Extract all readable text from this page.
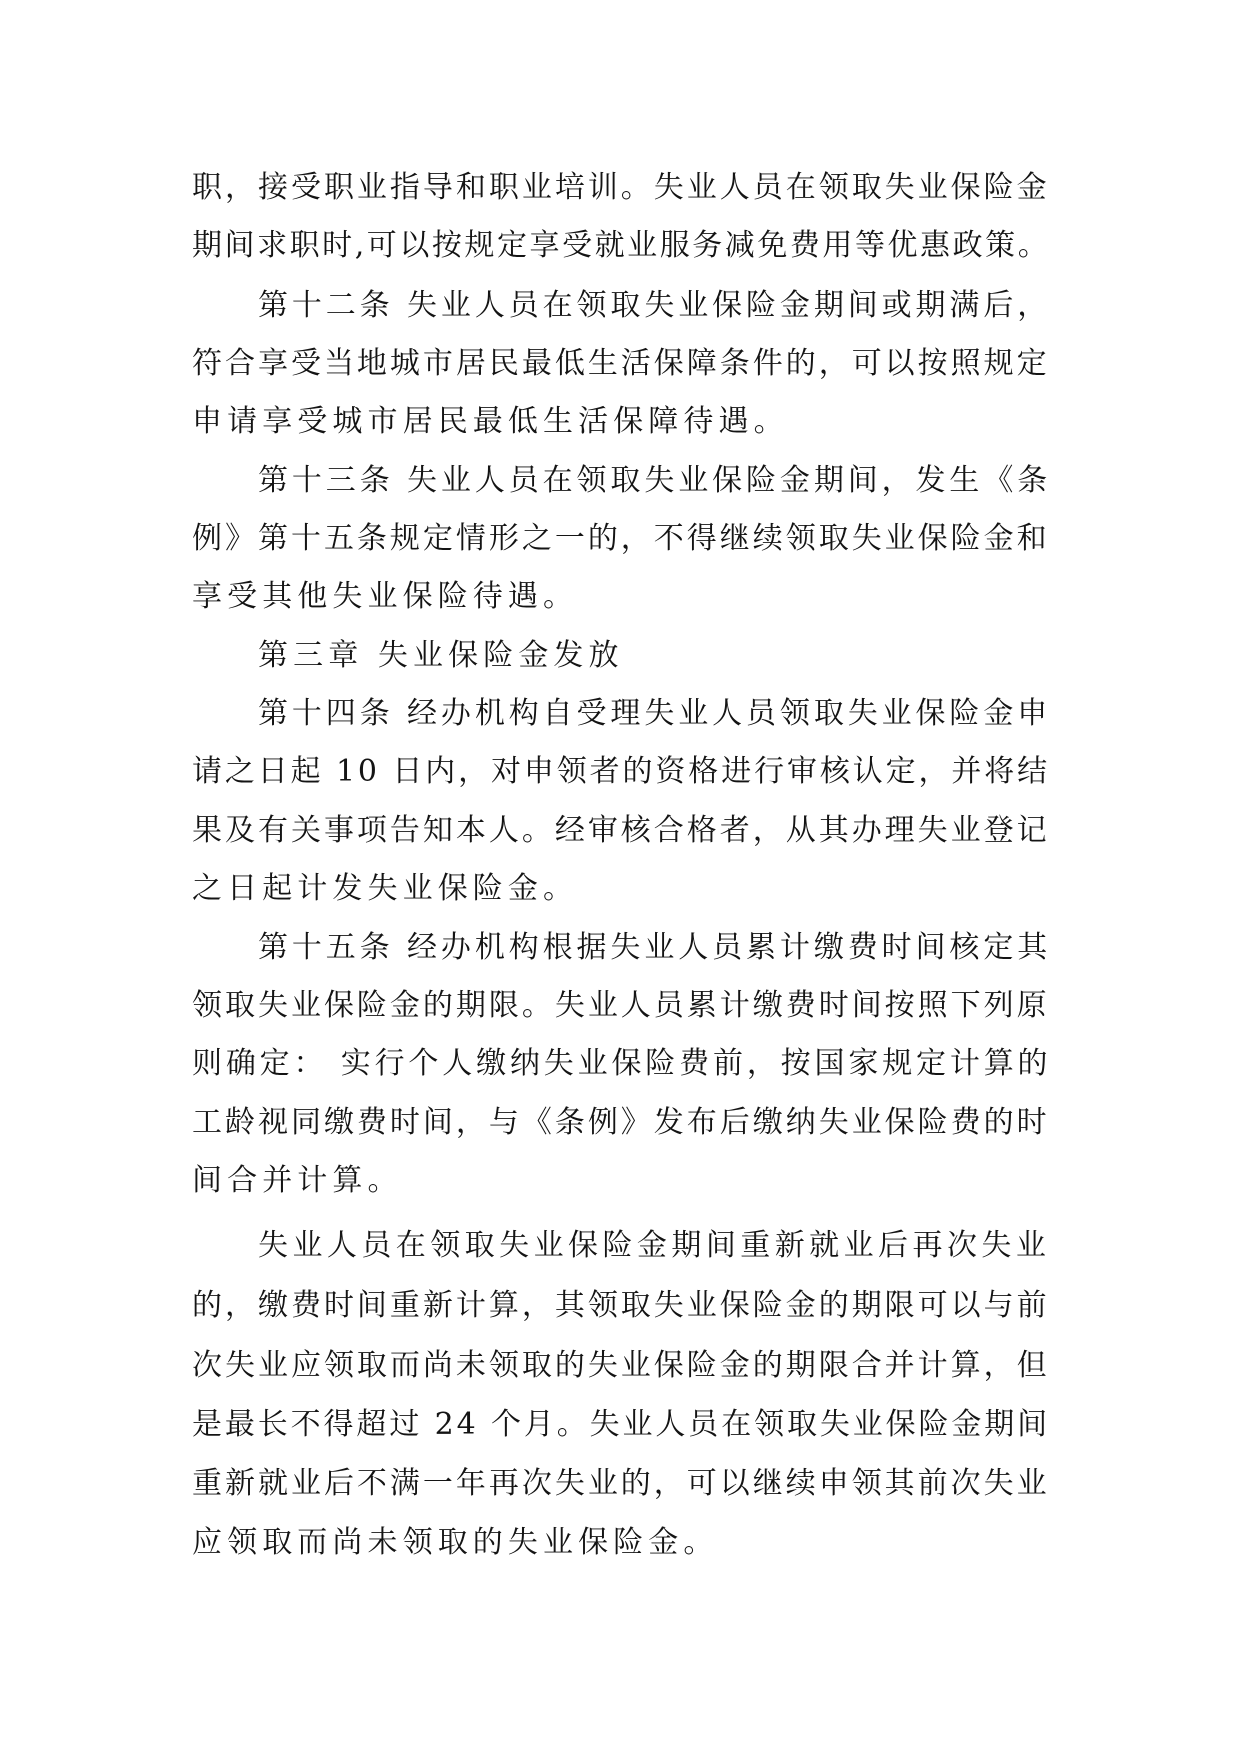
职，接受职业指导和职业培训。失业人员在领取失业保险金
期间求职时,可以按规定享受就业服务减免费用等优惠政策。
第十二条 失业人员在领取失业保险金期间或期满后，
符合享受当地城市居民最低生活保障条件的，可以按照规定
申请享受城市居民最低生活保障待遇。
第十三条 失业人员在领取失业保险金期间，发生《条
例》第十五条规定情形之一的，不得继续领取失业保险金和
享受其他失业保险待遇。
第三章 失业保险金发放
第十四条 经办机构自受理失业人员领取失业保险金申
请之日起 10 日内，对申领者的资格进行审核认定，并将结
果及有关事项告知本人。经审核合格者，从其办理失业登记
之日起计发失业保险金。
第十五条 经办机构根据失业人员累计缴费时间核定其
领取失业保险金的期限。失业人员累计缴费时间按照下列原
则确定： 实行个人缴纳失业保险费前，按国家规定计算的
工龄视同缴费时间，与《条例》发布后缴纳失业保险费的时
间合并计算。
失业人员在领取失业保险金期间重新就业后再次失业
的，缴费时间重新计算，其领取失业保险金的期限可以与前
次失业应领取而尚未领取的失业保险金的期限合并计算，但
是最长不得超过 24 个月。失业人员在领取失业保险金期间
重新就业后不满一年再次失业的，可以继续申领其前次失业
应领取而尚未领取的失业保险金。
